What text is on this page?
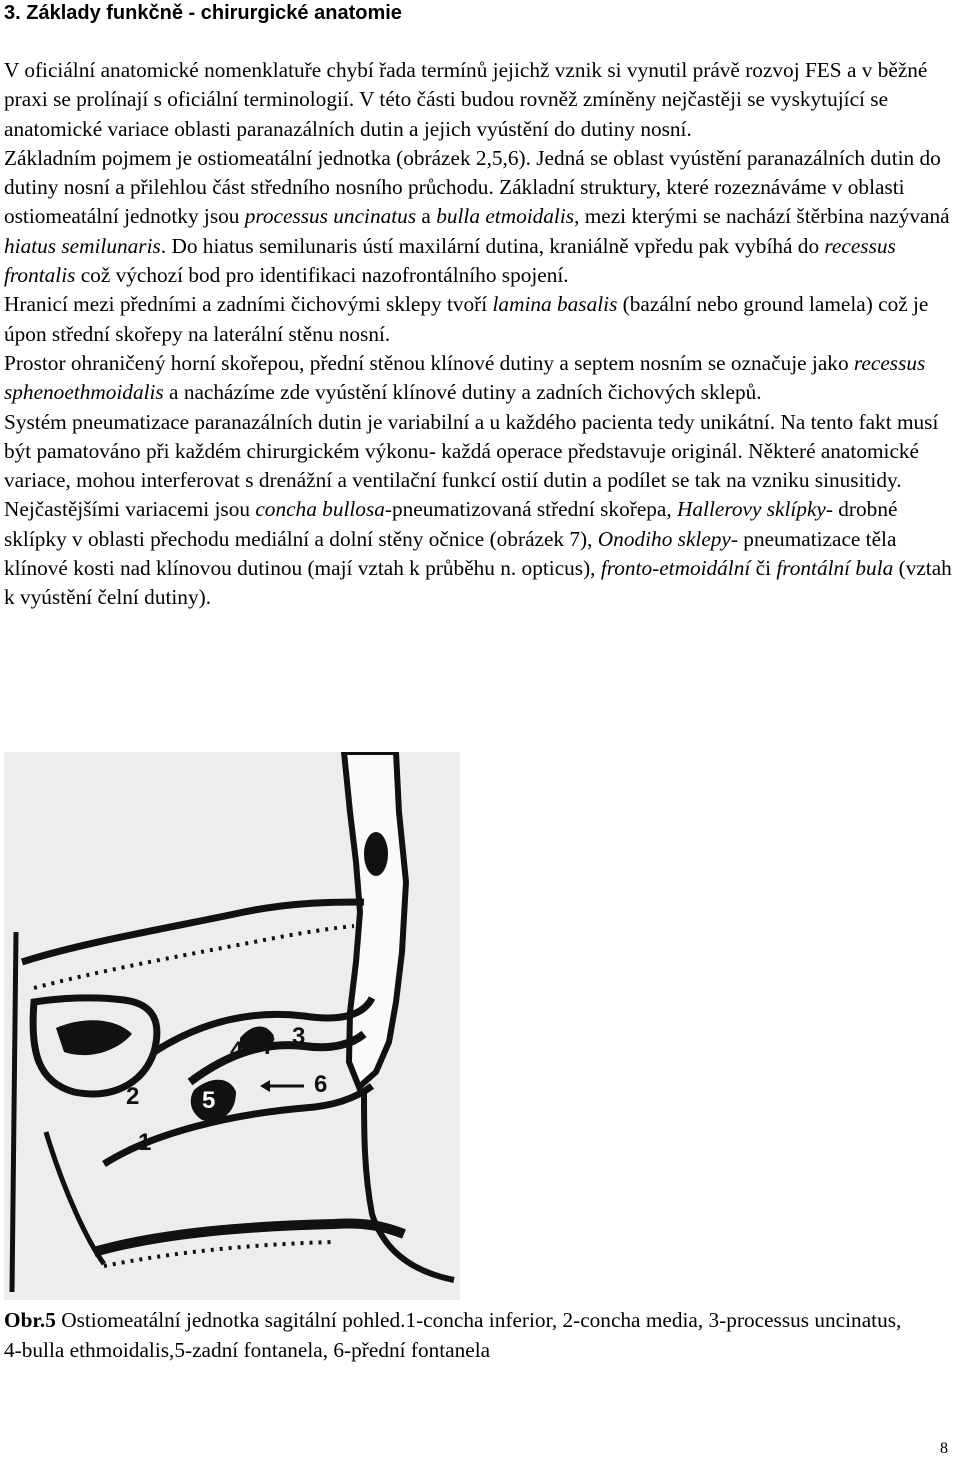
3. Základy funkčně - chirurgické anatomie

V oficiální anatomické nomenklatuře chybí řada termínů jejichž vznik si vynutil právě rozvoj FES a v běžné praxi se prolínají s oficiální terminologií. V této části budou rovněž zmíněny nejčastěji se vyskytující se anatomické variace oblasti paranazálních dutin a jejich vyústění do dutiny nosní.

Základním pojmem je ostiomeatální jednotka (obrázek 2,5,6). Jedná se oblast vyústění paranazálních dutin do dutiny nosní a přilehlou část středního nosního průchodu. Základní struktury, které rozeznáváme v oblasti ostiomeatální jednotky jsou processus uncinatus a bulla etmoidalis, mezi kterými se nachází štěrbina nazývaná hiatus semilunaris. Do hiatus semilunaris ústí maxilární dutina, kraniálně vpředu pak vybíhá do recessus frontalis což výchozí bod pro identifikaci nazofrontálního spojení.

Hranicí mezi předními a zadními čichovými sklepy tvoří lamina basalis (bazální nebo ground lamela) což je úpon střední skořepy na laterální stěnu nosní.

Prostor ohraničený horní skořepou, přední stěnou klínové dutiny a septem nosním se označuje jako recessus sphenoethmoidalis a nacházíme zde vyústění klínové dutiny a zadních čichových sklepů.

Systém pneumatizace paranazálních dutin je variabilní a u každého pacienta tedy unikátní. Na tento fakt musí být pamatováno při každém chirurgickém výkonu- každá operace představuje originál. Některé anatomické variace, mohou interferovat s drenážní a ventilační funkcí ostií dutin a podílet se tak na vzniku sinusitidy. Nejčastějšími variacemi jsou concha bullosa-pneumatizovaná střední skořepa, Hallerovy sklípky- drobné sklípky v oblasti přechodu mediální a dolní stěny očnice (obrázek 7), Onodiho sklepy- pneumatizace těla klínové kosti nad klínovou dutinou (mají vztah k průběhu n. opticus), fronto-etmoidální či frontální bula (vztah k vyústění čelní dutiny).

1
2
3
4
5
6
7

Obr.5 Ostiomeatální jednotka sagitální pohled.1-concha inferior, 2-concha media, 3-processus uncinatus, 4-bulla ethmoidalis,5-zadní fontanela, 6-přední fontanela

8
